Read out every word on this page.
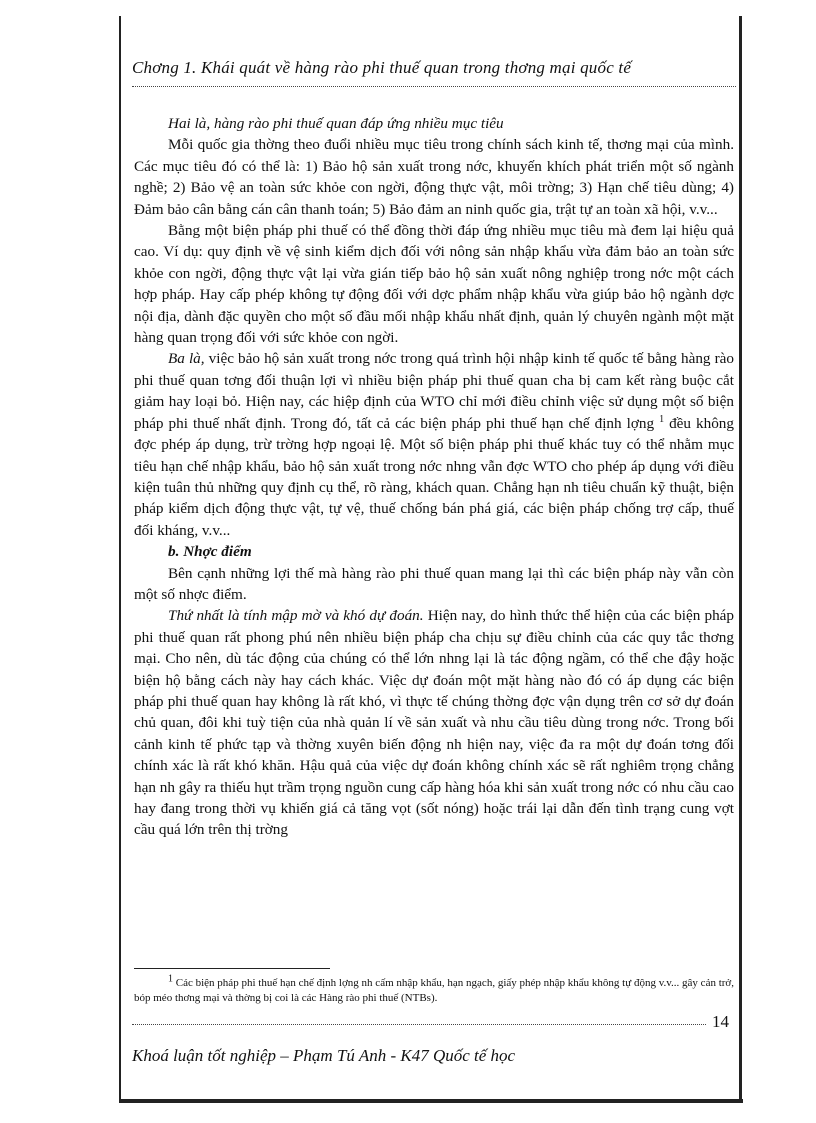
Chơng 1. Khái quát về hàng rào phi thuế quan trong thơng mại quốc tế

Hai là, hàng rào phi thuế quan đáp ứng nhiều mục tiêu

Mỗi quốc gia thờng theo đuổi nhiều mục tiêu trong chính sách kinh tế, thơng mại của mình. Các mục tiêu đó có thể là: 1) Bảo hộ sản xuất trong nớc, khuyến khích phát triển một số ngành nghề; 2) Bảo vệ an toàn sức khỏe con ngời, động thực vật, môi trờng; 3) Hạn chế tiêu dùng; 4) Đảm bảo cân bằng cán cân thanh toán; 5) Bảo đảm an ninh quốc gia, trật tự an toàn xã hội, v.v...

Bằng một biện pháp phi thuế có thể đồng thời đáp ứng nhiều mục tiêu mà đem lại hiệu quả cao. Ví dụ: quy định về vệ sinh kiểm dịch đối với nông sản nhập khẩu vừa đảm bảo an toàn sức khỏe con ngời, động thực vật lại vừa gián tiếp bảo hộ sản xuất nông nghiệp trong nớc một cách hợp pháp. Hay cấp phép không tự động đối với dợc phẩm nhập khẩu vừa giúp bảo hộ ngành dợc nội địa, dành đặc quyền cho một số đầu mối nhập khẩu nhất định, quản lý chuyên ngành một mặt hàng quan trọng đối với sức khỏe con ngời.

Ba là, việc bảo hộ sản xuất trong nớc trong quá trình hội nhập kinh tế quốc tế bằng hàng rào phi thuế quan tơng đối thuận lợi vì nhiều biện pháp phi thuế quan cha bị cam kết ràng buộc cắt giảm hay loại bỏ. Hiện nay, các hiệp định của WTO chỉ mới điều chỉnh việc sử dụng một số biện pháp phi thuế nhất định. Trong đó, tất cả các biện pháp phi thuế hạn chế định lợng $^1$ đều không đợc phép áp dụng, trừ trờng hợp ngoại lệ. Một số biện pháp phi thuế khác tuy có thể nhằm mục tiêu hạn chế nhập khẩu, bảo hộ sản xuất trong nớc nhng vẫn đợc WTO cho phép áp dụng với điều kiện tuân thủ những quy định cụ thể, rõ ràng, khách quan. Chẳng hạn nh tiêu chuẩn kỹ thuật, biện pháp kiểm dịch động thực vật, tự vệ, thuế chống bán phá giá, các biện pháp chống trợ cấp, thuế đối kháng, v.v...

b. Nhợc điểm

Bên cạnh những lợi thế mà hàng rào phi thuế quan mang lại thì các biện pháp này vẫn còn một số nhợc điểm.

Thứ nhất là tính mập mờ và khó dự đoán. Hiện nay, do hình thức thể hiện của các biện pháp phi thuế quan rất phong phú nên nhiều biện pháp cha chịu sự điều chỉnh của các quy tắc thơng mại. Cho nên, dù tác động của chúng có thể lớn nhng lại là tác động ngầm, có thể che đậy hoặc biện hộ bằng cách này hay cách khác. Việc dự đoán một mặt hàng nào đó có áp dụng các biện pháp phi thuế quan hay không là rất khó, vì thực tế chúng thờng đợc vận dụng trên cơ sở dự đoán chủ quan, đôi khi tuỳ tiện của nhà quản lí về sản xuất và nhu cầu tiêu dùng trong nớc. Trong bối cảnh kinh tế phức tạp và thờng xuyên biến động nh hiện nay, việc đa ra một dự đoán tơng đối chính xác là rất khó khăn. Hậu quả của việc dự đoán không chính xác sẽ rất nghiêm trọng chẳng hạn nh gây ra thiếu hụt trầm trọng nguồn cung cấp hàng hóa khi sản xuất trong nớc có nhu cầu cao hay đang trong thời vụ khiến giá cả tăng vọt (sốt nóng) hoặc trái lại dẫn đến tình trạng cung vợt cầu quá lớn trên thị trờng

$^1$ Các biện pháp phi thuế hạn chế định lợng nh cấm nhập khẩu, hạn ngạch, giấy phép nhập khẩu không tự động v.v... gây cản trở, bóp méo thơng mại và thờng bị coi là các Hàng rào phi thuế (NTBs).
14
Khoá luận tốt nghiệp – Phạm Tú Anh - K47 Quốc tế học
